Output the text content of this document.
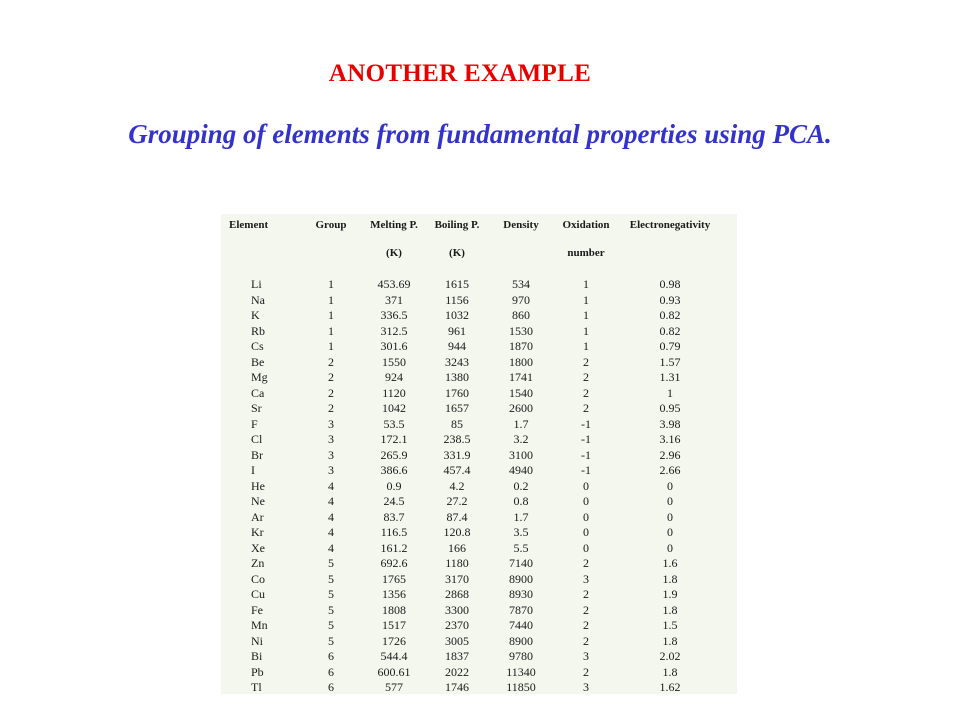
ANOTHER EXAMPLE
Grouping of elements from fundamental properties using PCA.
Element	Group	Melting P.	Boiling P.	Density	Oxidation	Electronegativity
		(K)	(K)		number	
Li	1	453.69	1615	534	1	0.98
Na	1	371	1156	970	1	0.93
K	1	336.5	1032	860	1	0.82
Rb	1	312.5	961	1530	1	0.82
Cs	1	301.6	944	1870	1	0.79
Be	2	1550	3243	1800	2	1.57
Mg	2	924	1380	1741	2	1.31
Ca	2	1120	1760	1540	2	1
Sr	2	1042	1657	2600	2	0.95
F	3	53.5	85	1.7	-1	3.98
Cl	3	172.1	238.5	3.2	-1	3.16
Br	3	265.9	331.9	3100	-1	2.96
I	3	386.6	457.4	4940	-1	2.66
He	4	0.9	4.2	0.2	0	0
Ne	4	24.5	27.2	0.8	0	0
Ar	4	83.7	87.4	1.7	0	0
Kr	4	116.5	120.8	3.5	0	0
Xe	4	161.2	166	5.5	0	0
Zn	5	692.6	1180	7140	2	1.6
Co	5	1765	3170	8900	3	1.8
Cu	5	1356	2868	8930	2	1.9
Fe	5	1808	3300	7870	2	1.8
Mn	5	1517	2370	7440	2	1.5
Ni	5	1726	3005	8900	2	1.8
Bi	6	544.4	1837	9780	3	2.02
Pb	6	600.61	2022	11340	2	1.8
Tl	6	577	1746	11850	3	1.62
